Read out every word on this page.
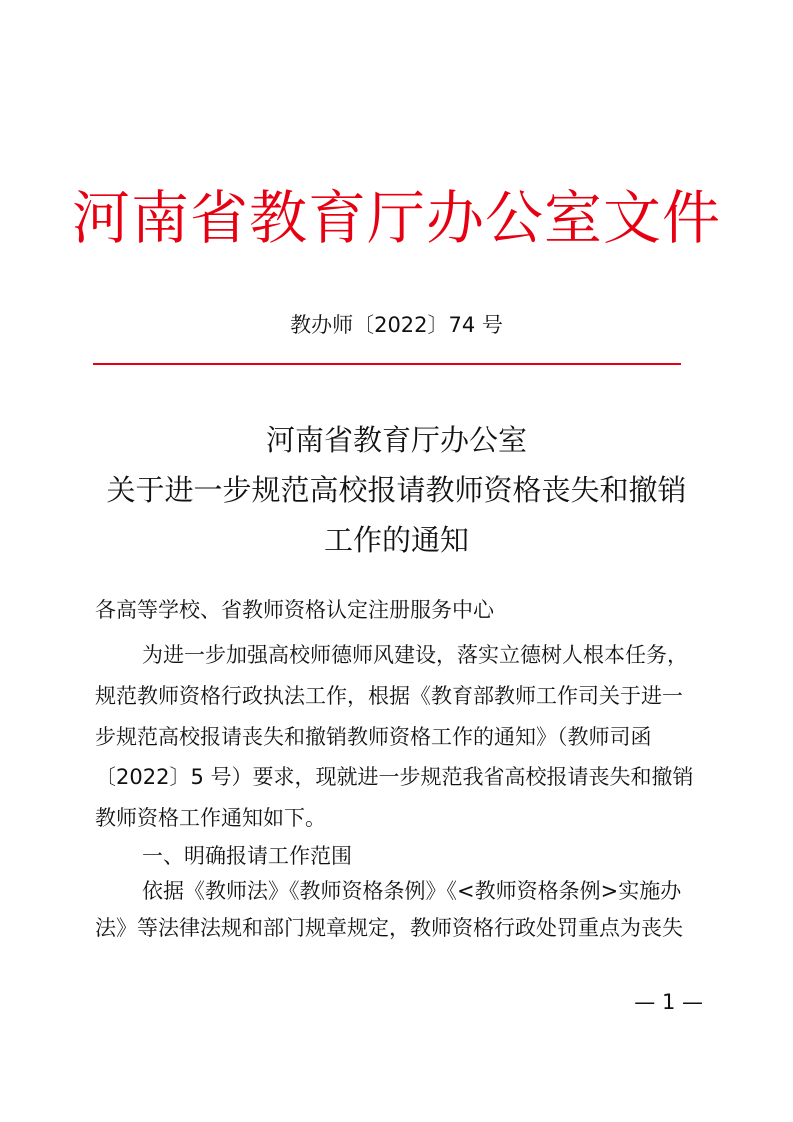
河南省教育厅办公室文件
教办师〔2022〕74 号
河南省教育厅办公室
关于进一步规范高校报请教师资格丧失和撤销
工作的通知
各高等学校、省教师资格认定注册服务中心
为进一步加强高校师德师风建设，落实立德树人根本任务，
规范教师资格行政执法工作，根据《教育部教师工作司关于进一
步规范高校报请丧失和撤销教师资格工作的通知》（教师司函
〔2022〕5 号）要求，现就进一步规范我省高校报请丧失和撤销
教师资格工作通知如下。
一、明确报请工作范围
依据《教师法》《教师资格条例》《<教师资格条例>实施办
法》等法律法规和部门规章规定，教师资格行政处罚重点为丧失
— 1 —
